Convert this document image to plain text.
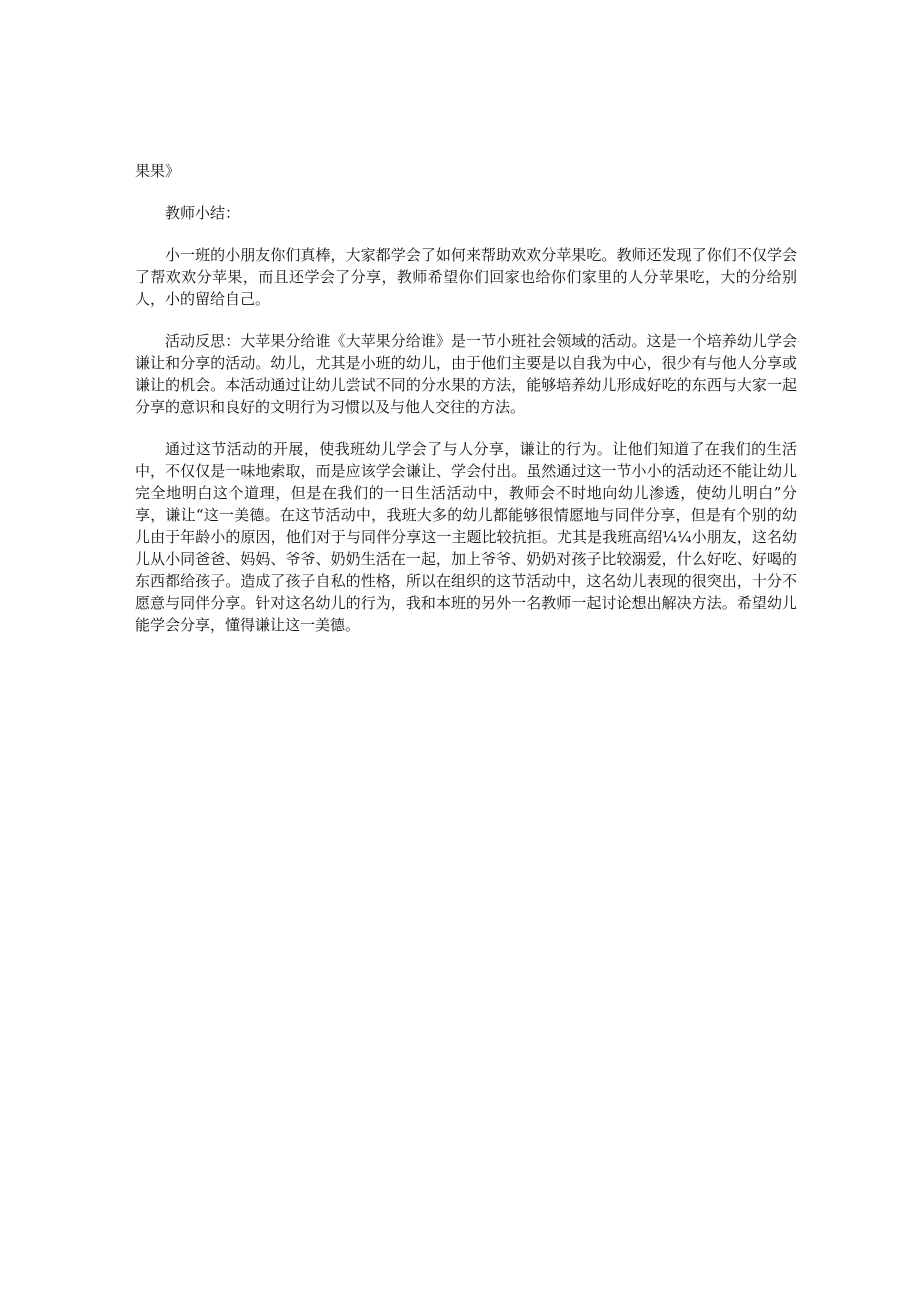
果果》

教师小结：

小一班的小朋友你们真棒，大家都学会了如何来帮助欢欢分苹果吃。教师还发现了你们不仅学会了帮欢欢分苹果，而且还学会了分享，教师希望你们回家也给你们家里的人分苹果吃，大的分给别人，小的留给自己。

活动反思：大苹果分给谁《大苹果分给谁》是一节小班社会领域的活动。这是一个培养幼儿学会谦让和分享的活动。幼儿，尤其是小班的幼儿，由于他们主要是以自我为中心，很少有与他人分享或谦让的机会。本活动通过让幼儿尝试不同的分水果的方法，能够培养幼儿形成好吃的东西与大家一起分享的意识和良好的文明行为习惯以及与他人交往的方法。

通过这节活动的开展，使我班幼儿学会了与人分享，谦让的行为。让他们知道了在我们的生活中，不仅仅是一味地索取，而是应该学会谦让、学会付出。虽然通过这一节小小的活动还不能让幼儿完全地明白这个道理，但是在我们的一日生活活动中，教师会不时地向幼儿渗透，使幼儿明白”分享，谦让“这一美德。在这节活动中，我班大多的幼儿都能够很情愿地与同伴分享，但是有个别的幼儿由于年龄小的原因，他们对于与同伴分享这一主题比较抗拒。尤其是我班高绍¼¼小朋友，这名幼儿从小同爸爸、妈妈、爷爷、奶奶生活在一起，加上爷爷、奶奶对孩子比较溺爱，什么好吃、好喝的东西都给孩子。造成了孩子自私的性格，所以在组织的这节活动中，这名幼儿表现的很突出，十分不愿意与同伴分享。针对这名幼儿的行为，我和本班的另外一名教师一起讨论想出解决方法。希望幼儿能学会分享，懂得谦让这一美德。
